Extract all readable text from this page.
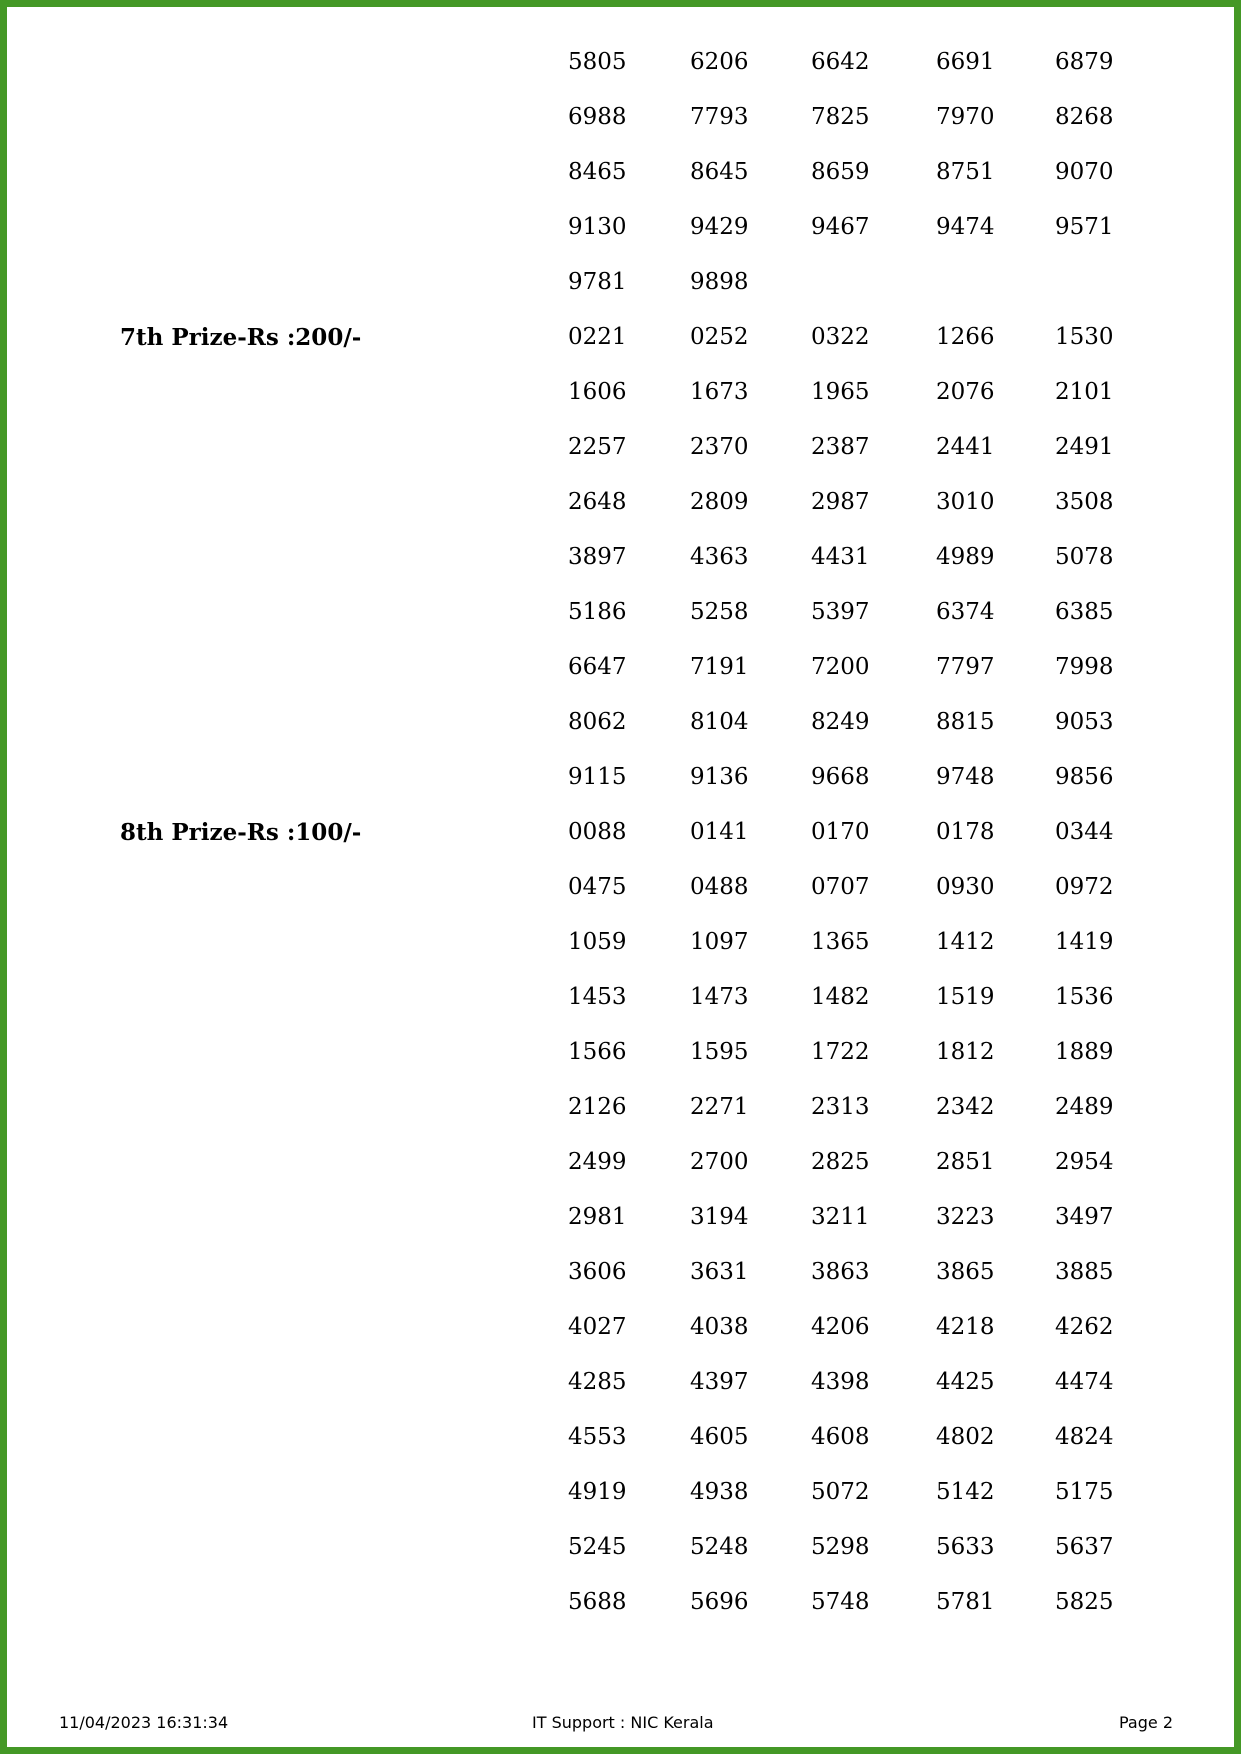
5805	6206	6642	6691	6879
6988	7793	7825	7970	8268
8465	8645	8659	8751	9070
9130	9429	9467	9474	9571
9781	9898
7th Prize-Rs :200/-	0221	0252	0322	1266	1530
1606	1673	1965	2076	2101
2257	2370	2387	2441	2491
2648	2809	2987	3010	3508
3897	4363	4431	4989	5078
5186	5258	5397	6374	6385
6647	7191	7200	7797	7998
8062	8104	8249	8815	9053
9115	9136	9668	9748	9856
8th Prize-Rs :100/-	0088	0141	0170	0178	0344
0475	0488	0707	0930	0972
1059	1097	1365	1412	1419
1453	1473	1482	1519	1536
1566	1595	1722	1812	1889
2126	2271	2313	2342	2489
2499	2700	2825	2851	2954
2981	3194	3211	3223	3497
3606	3631	3863	3865	3885
4027	4038	4206	4218	4262
4285	4397	4398	4425	4474
4553	4605	4608	4802	4824
4919	4938	5072	5142	5175
5245	5248	5298	5633	5637
5688	5696	5748	5781	5825
11/04/2023 16:31:34	IT Support : NIC Kerala	Page 2
